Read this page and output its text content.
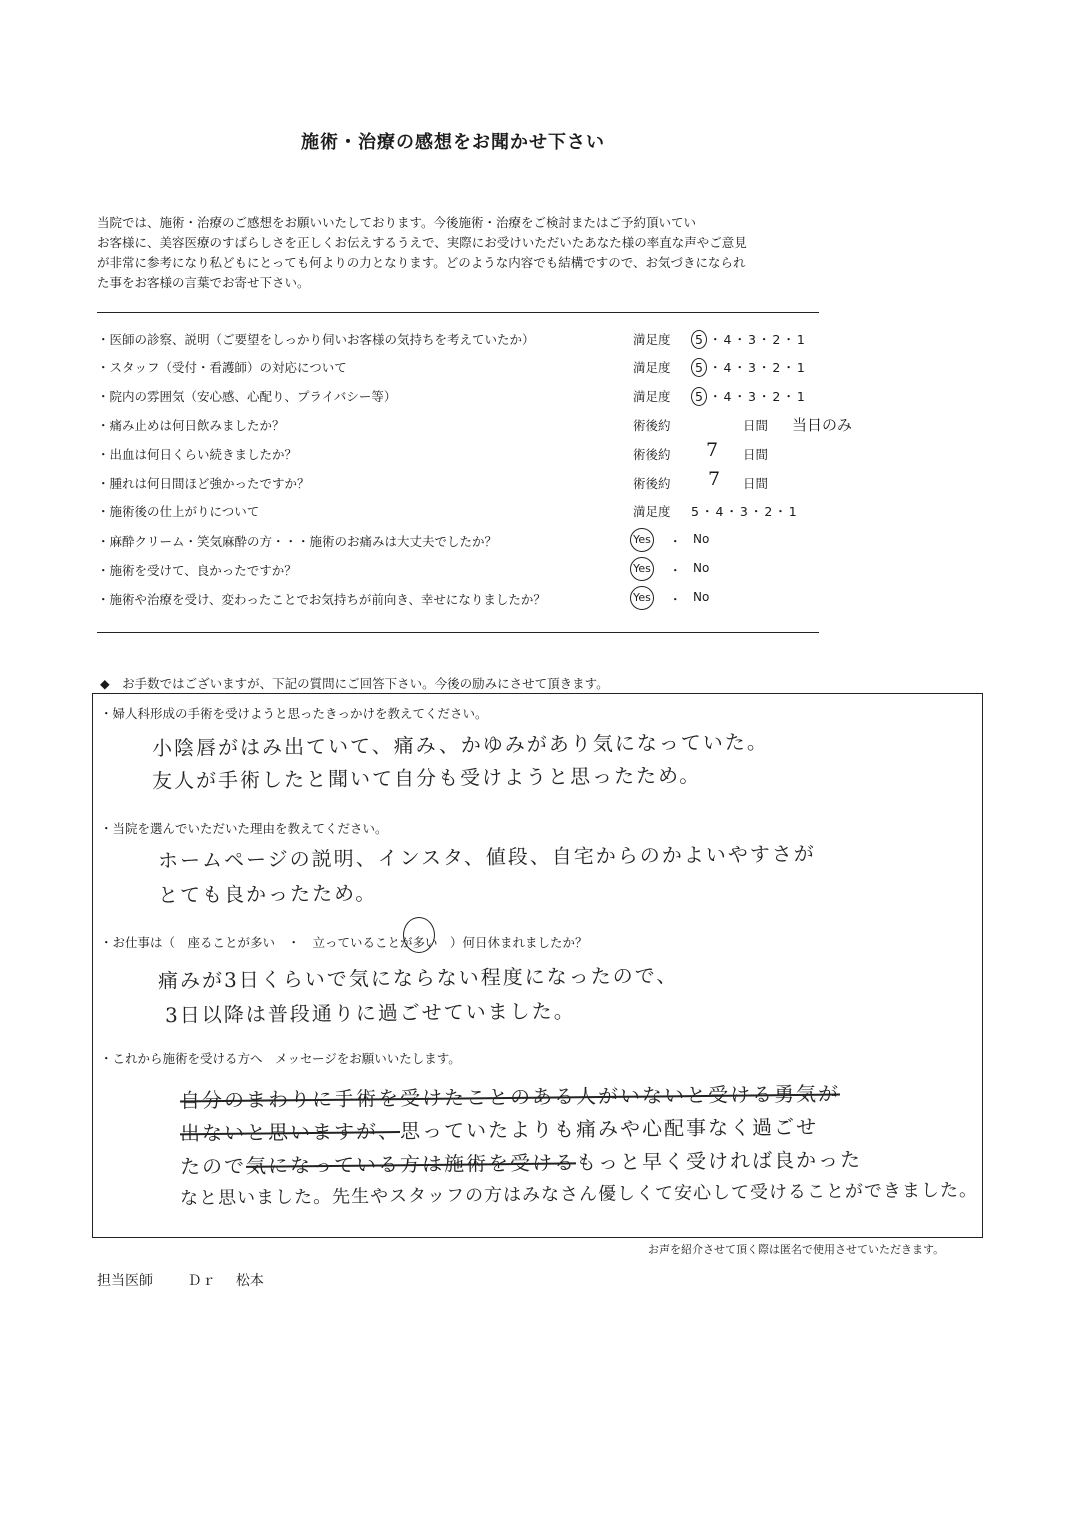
施術・治療の感想をお聞かせ下さい
当院では、施術・治療のご感想をお願いいたしております。今後施術・治療をご検討またはご予約頂いてい
お客様に、美容医療のすばらしさを正しくお伝えするうえで、実際にお受けいただいたあなた様の率直な声やご意見
が非常に参考になり私どもにとっても何よりの力となります。どのような内容でも結構ですので、お気づきになられ
た事をお客様の言葉でお寄せ下さい。
・医師の診察、説明（ご要望をしっかり伺いお客様の気持ちを考えていたか）	満足度	5 ・4・3・2・1
・スタッフ（受付・看護師）の対応について	満足度	5 ・4・3・2・1
・院内の雰囲気（安心感、心配り、プライバシー等）	満足度	5 ・4・3・2・1
・痛み止めは何日飲みましたか？	術後約	日間 当日のみ
・出血は何日くらい続きましたか？	術後約 7 日間
・腫れは何日間ほど強かったですか？	術後約 7 日間
・施術後の仕上がりについて	満足度 5・4・3・2・1
・麻酔クリーム・笑気麻酔の方・・・施術のお痛みは大丈夫でしたか？	Yes ・ No
・施術を受けて、良かったですか？	Yes ・ No
・施術や治療を受け、変わったことでお気持ちが前向き、幸せになりましたか？	Yes ・ No
◆　お手数ではございますが、下記の質問にご回答下さい。今後の励みにさせて頂きます。
・婦人科形成の手術を受けようと思ったきっかけを教えてください。
小陰唇がはみ出ていて、痛み、かゆみがあり気になっていた。
友人が手術したと聞いて自分も受けようと思ったため。
・当院を選んでいただいた理由を教えてください。
ホームページの説明、インスタ、値段、自宅からのかよいやすさが
とても良かったため。
・お仕事は（　座ることが多い　・　立っていることが多い　）何日休まれましたか？
痛みが3日くらいで気にならない程度になったので、
3日以降は普段通りに過ごせていました。
・これから施術を受ける方へ　メッセージをお願いいたします。
自分のまわりに手術を受けたことのある人がいないと受ける勇気が
出ないと思いますが、思っていたよりも痛みや心配事なく過ごせ
たので気になっている方は施術を受けるもっと早く受ければ良かった
なと思いました。先生やスタッフの方はみなさん優しくて安心して受けることができました。
お声を紹介させて頂く際は匿名で使用させていただきます。
担当医師 Ｄｒ 松本
